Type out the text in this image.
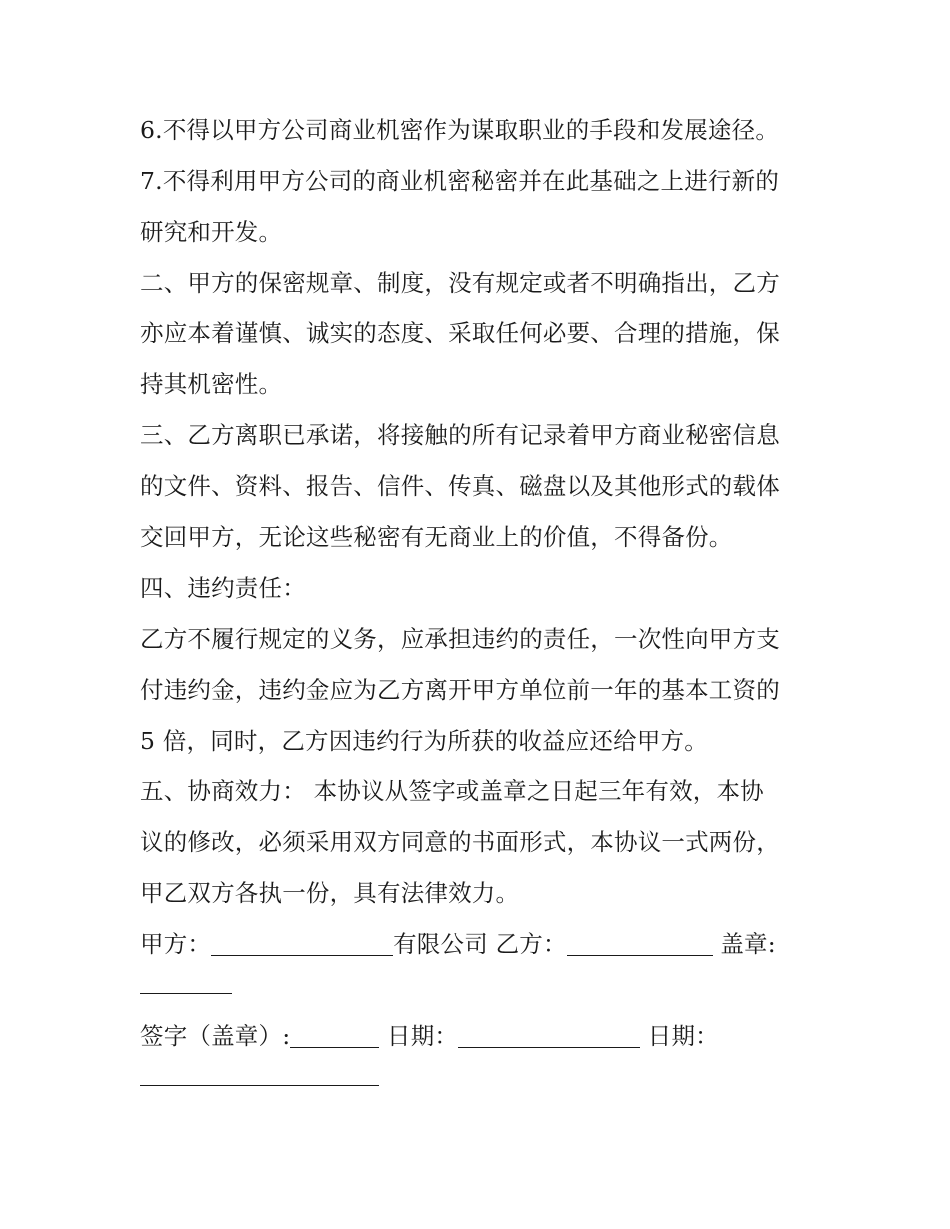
6.不得以甲方公司商业机密作为谋取职业的手段和发展途径。
7.不得利用甲方公司的商业机密秘密并在此基础之上进行新的
研究和开发。
二、甲方的保密规章、制度，没有规定或者不明确指出，乙方
亦应本着谨慎、诚实的态度、采取任何必要、合理的措施，保
持其机密性。
三、乙方离职已承诺，将接触的所有记录着甲方商业秘密信息
的文件、资料、报告、信件、传真、磁盘以及其他形式的载体
交回甲方，无论这些秘密有无商业上的价值，不得备份。
四、违约责任：
乙方不履行规定的义务，应承担违约的责任，一次性向甲方支
付违约金，违约金应为乙方离开甲方单位前一年的基本工资的
5 倍，同时，乙方因违约行为所获的收益应还给甲方。
五、协商效力： 本协议从签字或盖章之日起三年有效，本协
议的修改，必须采用双方同意的书面形式，本协议一式两份，
甲乙双方各执一份，具有法律效力。
甲方：	有限公司 乙方：	盖章:
签字（盖章）:	日期：	日期：
